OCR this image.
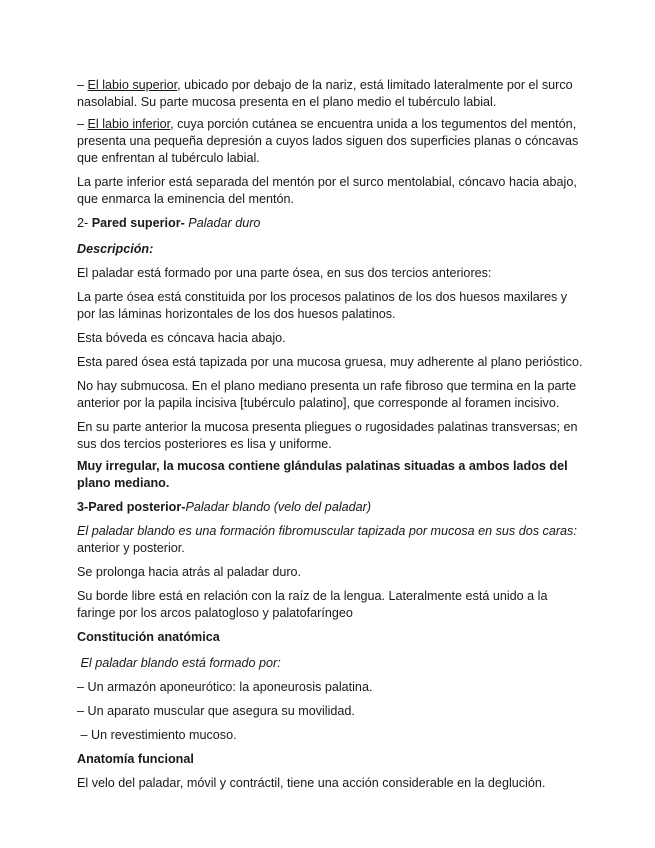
– El labio superior, ubicado por debajo de la nariz, está limitado lateralmente por el surco nasolabial. Su parte mucosa presenta en el plano medio el tubérculo labial.

– El labio inferior, cuya porción cutánea se encuentra unida a los tegumentos del mentón, presenta una pequeña depresión a cuyos lados siguen dos superficies planas o cóncavas que enfrentan al tubérculo labial.

La parte inferior está separada del mentón por el surco mentolabial, cóncavo hacia abajo, que enmarca la eminencia del mentón.

2- Pared superior- Paladar duro

Descripción:

El paladar está formado por una parte ósea, en sus dos tercios anteriores:

La parte ósea está constituida por los procesos palatinos de los dos huesos maxilares y por las láminas horizontales de los dos huesos palatinos.

Esta bóveda es cóncava hacia abajo.

Esta pared ósea está tapizada por una mucosa gruesa, muy adherente al plano periόstico.

No hay submucosa. En el plano mediano presenta un rafe fibroso que termina en la parte anterior por la papila incisiva [tubérculo palatino], que corresponde al foramen incisivo.

En su parte anterior la mucosa presenta pliegues o rugosidades palatinas transversas; en sus dos tercios posteriores es lisa y uniforme.

Muy irregular, la mucosa contiene glándulas palatinas situadas a ambos lados del plano mediano.

3-Pared posterior-Paladar blando (velo del paladar)

El paladar blando es una formación fibromuscular tapizada por mucosa en sus dos caras: anterior y posterior.

Se prolonga hacia atrás al paladar duro.

Su borde libre está en relación con la raíz de la lengua. Lateralmente está unido a la faringe por los arcos palatogloso y palatofaríngeo

Constitución anatómica

El paladar blando está formado por:

– Un armazón aponeurótico: la aponeurosis palatina.

– Un aparato muscular que asegura su movilidad.

– Un revestimiento mucoso.

Anatomía funcional

El velo del paladar, móvil y contráctil, tiene una acción considerable en la deglución.
